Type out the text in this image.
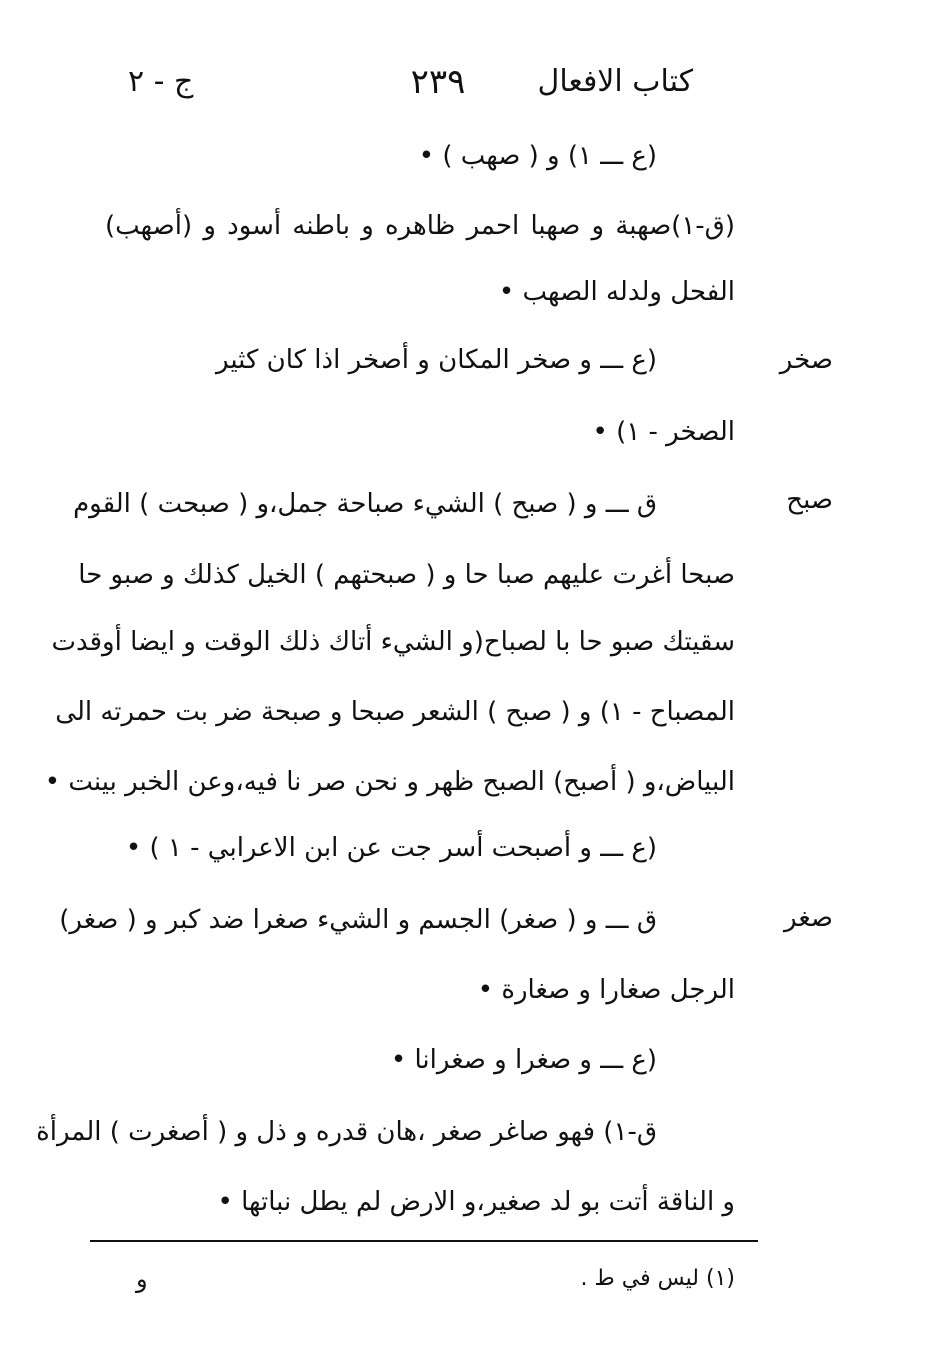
كتاب الافعال
٢٣٩
ج - ٢
صخر
صبح
صغر
(ع ـــ ١) و ( صهب ) •
(ق-١)صهبة و صهبا احمر ظاهره و باطنه أسود و (أصهب)
الفحل ولدله الصهب •
(ع ـــ و صخر المكان و أصخر اذا كان كثير
الصخر - ١) •
ق ـــ و ( صبح ) الشيء صباحة جمل،و ( صبحت ) القوم
صبحا أغرت عليهم صبا حا و ( صبحتهم ) الخيل كذلك و صبو حا
سقيتك صبو حا با لصباح(و الشيء أتاك ذلك الوقت و ايضا أوقدت
المصباح - ١) و ( صبح ) الشعر صبحا و صبحة ضر بت حمرته الى
البياض،و ( أصبح) الصبح ظهر و نحن صر نا فيه،وعن الخبر بينت •
(ع ـــ و أصبحت أسر جت عن ابن الاعرابي - ١ ) •
ق ـــ و ( صغر) الجسم و الشيء صغرا ضد كبر و ( صغر)
الرجل صغارا و صغارة •
(ع ـــ و صغرا و صغرانا •
ق-١) فهو صاغر صغر ،هان قدره و ذل و ( أصغرت ) المرأة
و الناقة أتت بو لد صغير،و الارض لم يطل نباتها •
(١) ليس في ط .
و
